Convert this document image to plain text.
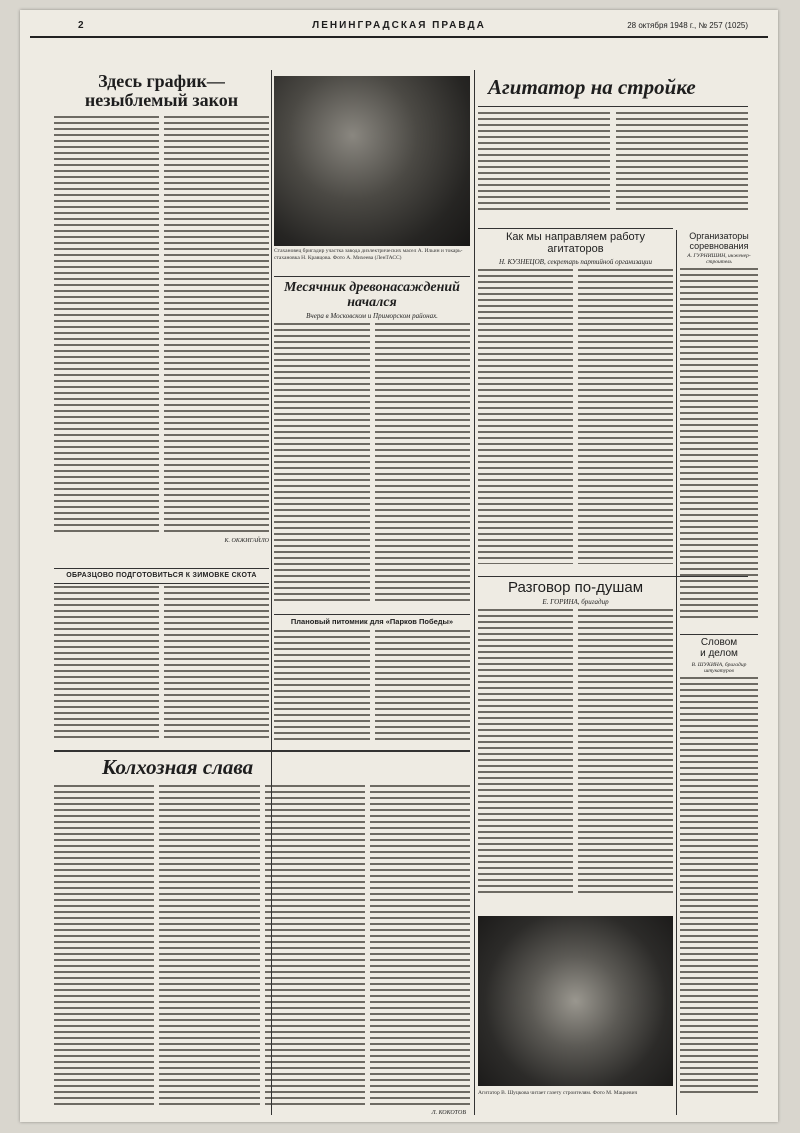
2	ЛЕНИНГРАДСКАЯ ПРАВДА	28 октября 1948 г., № 257 (1025)
Здесь график—
незыблемый закон
К. ОКЖИГАЙЛО
Стахановец бригадир участка завода диэлектрических масел А. Ильин и токарь-стахановка Н. Кравцова. Фото А. Михеева (ЛенТАСС)
Месячник древонасаждений
начался
Вчера в Московском и Приморском районах.
Агитатор на стройке
Как мы направляем работу
агитаторов
Н. КУЗНЕЦОВ, секретарь партийной организации
Организаторы
соревнования
А. ГУРНИШИН, инженер-строитель
ОБРАЗЦОВО ПОДГОТОВИТЬСЯ К ЗИМОВКЕ СКОТА
Плановый питомник для «Парков Победы»
Разговор по-душам
Е. ГОРИНА, бригадир
Колхозная слава
Л. КОКОТОВ
Словом
и делом
В. ШУКИНА, бригадир штукатуров
Агитатор В. Шуцкова читает газету строителям. Фото М. Мацкевич
